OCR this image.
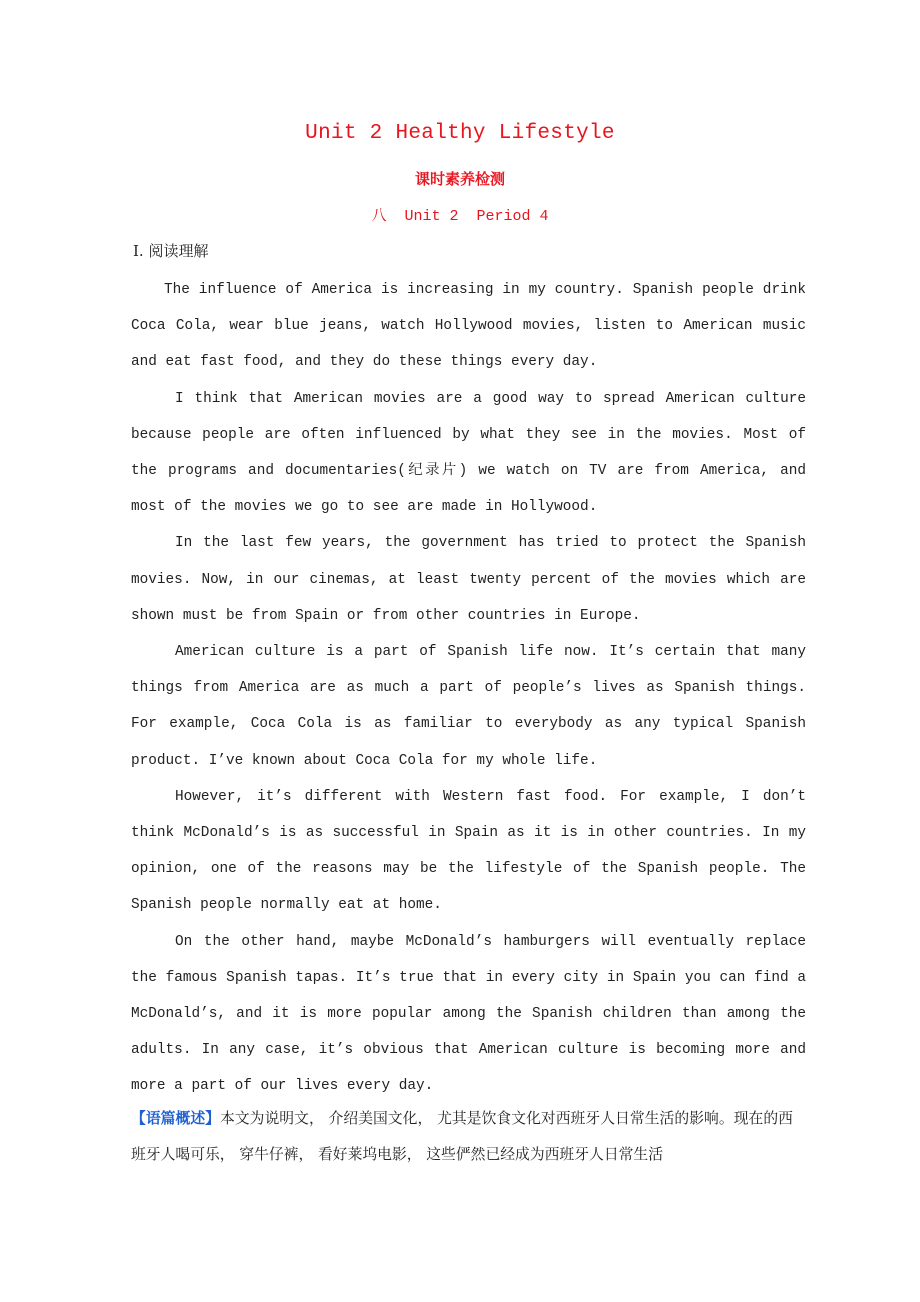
Unit 2 Healthy Lifestyle
课时素养检测
八  Unit 2  Period 4
Ⅰ. 阅读理解

The influence of America is increasing in my country. Spanish people drink Coca Cola, wear blue jeans, watch Hollywood movies, listen to American music and eat fast food, and they do these things every day.

I think that American movies are a good way to spread American culture because people are often influenced by what they see in the movies. Most of the programs and documentaries(纪录片) we watch on TV are from America, and most of the movies we go to see are made in Hollywood.

In the last few years, the government has tried to protect the Spanish movies. Now, in our cinemas, at least twenty percent of the movies which are shown must be from Spain or from other countries in Europe.

American culture is a part of Spanish life now. It’s certain that many things from America are as much a part of people’s lives as Spanish things. For example, Coca Cola is as familiar to everybody as any typical Spanish product. I’ve known about Coca Cola for my whole life.

However, it’s different with Western fast food. For example, I don’t think McDonald’s is as successful in Spain as it is in other countries. In my opinion, one of the reasons may be the lifestyle of the Spanish people. The Spanish people normally eat at home.

On the other hand, maybe McDonald’s hamburgers will eventually replace the famous Spanish tapas. It’s true that in every city in Spain you can find a McDonald’s, and it is more popular among the Spanish children than among the adults. In any case, it’s obvious that American culture is becoming more and more a part of our lives every day.

【语篇概述】本文为说明文， 介绍美国文化， 尤其是饮食文化对西班牙人日常生活的影响。现在的西班牙人喝可乐， 穿牛仔裤， 看好莱坞电影， 这些俨然已经成为西班牙人日常生活
